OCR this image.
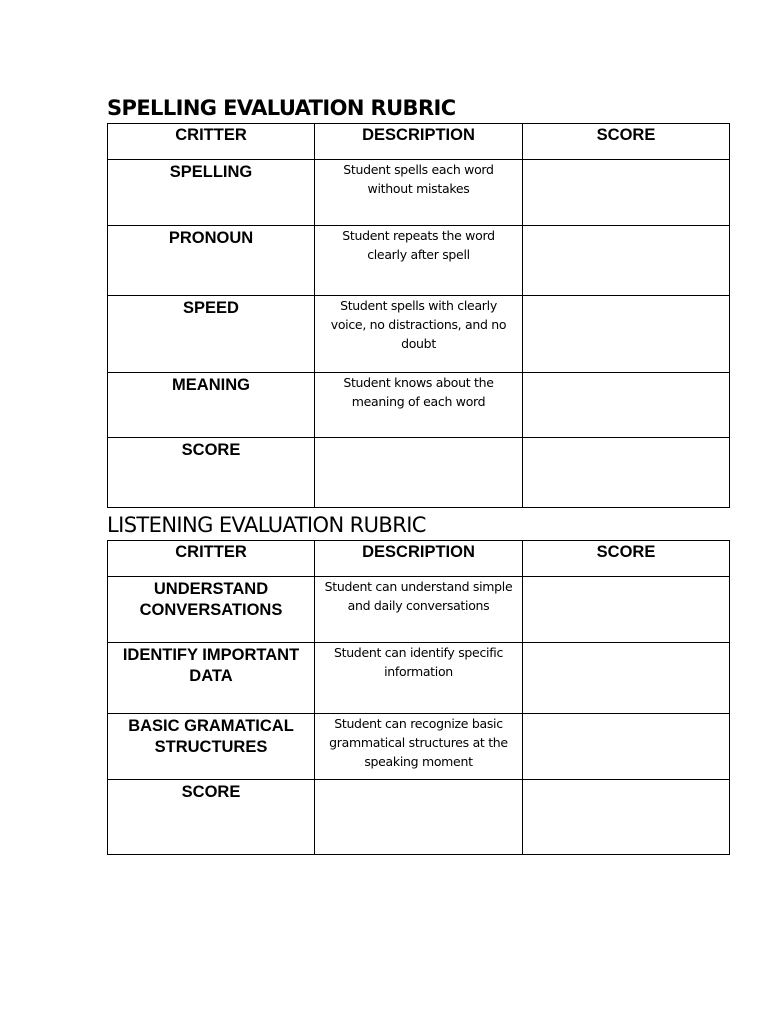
SPELLING EVALUATION RUBRIC
CRITTER	DESCRIPTION	SCORE
SPELLING	Student spells each word without mistakes	
PRONOUN	Student repeats the word clearly after spell	
SPEED	Student spells with clearly voice, no distractions, and no doubt	
MEANING	Student knows about the meaning of each word	
SCORE		
LISTENING EVALUATION RUBRIC
CRITTER	DESCRIPTION	SCORE
UNDERSTAND CONVERSATIONS	Student can understand simple and daily conversations	
IDENTIFY IMPORTANT DATA	Student can identify specific information	
BASIC GRAMATICAL STRUCTURES	Student can recognize basic grammatical structures at the speaking moment	
SCORE		
